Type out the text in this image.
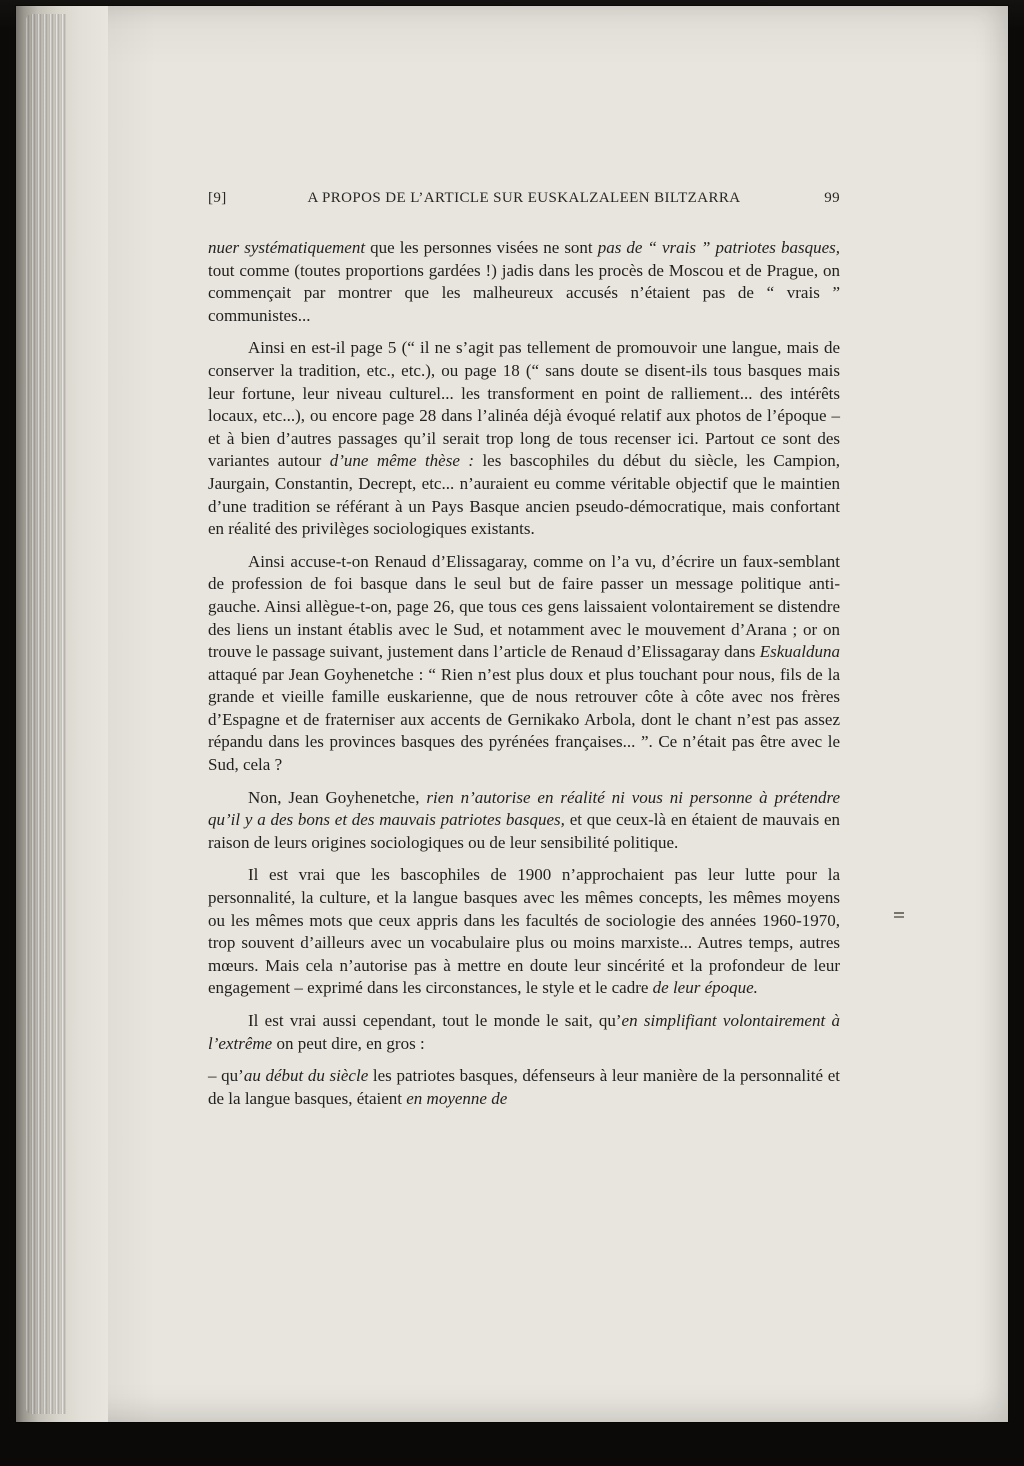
[9]	A PROPOS DE L’ARTICLE SUR EUSKALZALEEN BILTZARRA	99

nuer systématiquement que les personnes visées ne sont pas de “ vrais ” patriotes basques, tout comme (toutes proportions gardées !) jadis dans les procès de Moscou et de Prague, on commençait par montrer que les malheureux accusés n’étaient pas de “ vrais ” communistes...

Ainsi en est-il page 5 (“ il ne s’agit pas tellement de promouvoir une langue, mais de conserver la tradition, etc., etc.), ou page 18 (“ sans doute se disent-ils tous basques mais leur fortune, leur niveau culturel... les transforment en point de ralliement... des intérêts locaux, etc...), ou encore page 28 dans l’alinéa déjà évoqué relatif aux photos de l’époque – et à bien d’autres passages qu’il serait trop long de tous recenser ici. Partout ce sont des variantes autour d’une même thèse : les bascophiles du début du siècle, les Campion, Jaurgain, Constantin, Decrept, etc... n’auraient eu comme véritable objectif que le maintien d’une tradition se référant à un Pays Basque ancien pseudo-démocratique, mais confortant en réalité des privilèges sociologiques existants.

Ainsi accuse-t-on Renaud d’Elissagaray, comme on l’a vu, d’écrire un faux-semblant de profession de foi basque dans le seul but de faire passer un message politique anti-gauche. Ainsi allègue-t-on, page 26, que tous ces gens laissaient volontairement se distendre des liens un instant établis avec le Sud, et notamment avec le mouvement d’Arana ; or on trouve le passage suivant, justement dans l’article de Renaud d’Elissagaray dans Eskualduna attaqué par Jean Goyhenetche : “ Rien n’est plus doux et plus touchant pour nous, fils de la grande et vieille famille euskarienne, que de nous retrouver côte à côte avec nos frères d’Espagne et de fraterniser aux accents de Gernikako Arbola, dont le chant n’est pas assez répandu dans les provinces basques des pyrénées françaises... ”. Ce n’était pas être avec le Sud, cela ?

Non, Jean Goyhenetche, rien n’autorise en réalité ni vous ni personne à prétendre qu’il y a des bons et des mauvais patriotes basques, et que ceux-là en étaient de mauvais en raison de leurs origines sociologiques ou de leur sensibilité politique.

Il est vrai que les bascophiles de 1900 n’approchaient pas leur lutte pour la personnalité, la culture, et la langue basques avec les mêmes concepts, les mêmes moyens ou les mêmes mots que ceux appris dans les facultés de sociologie des années 1960-1970, trop souvent d’ailleurs avec un vocabulaire plus ou moins marxiste... Autres temps, autres mœurs. Mais cela n’autorise pas à mettre en doute leur sincérité et la profondeur de leur engagement – exprimé dans les circonstances, le style et le cadre de leur époque.

Il est vrai aussi cependant, tout le monde le sait, qu’en simplifiant volontairement à l’extrême on peut dire, en gros :

– qu’au début du siècle les patriotes basques, défenseurs à leur manière de la personnalité et de la langue basques, étaient en moyenne de
